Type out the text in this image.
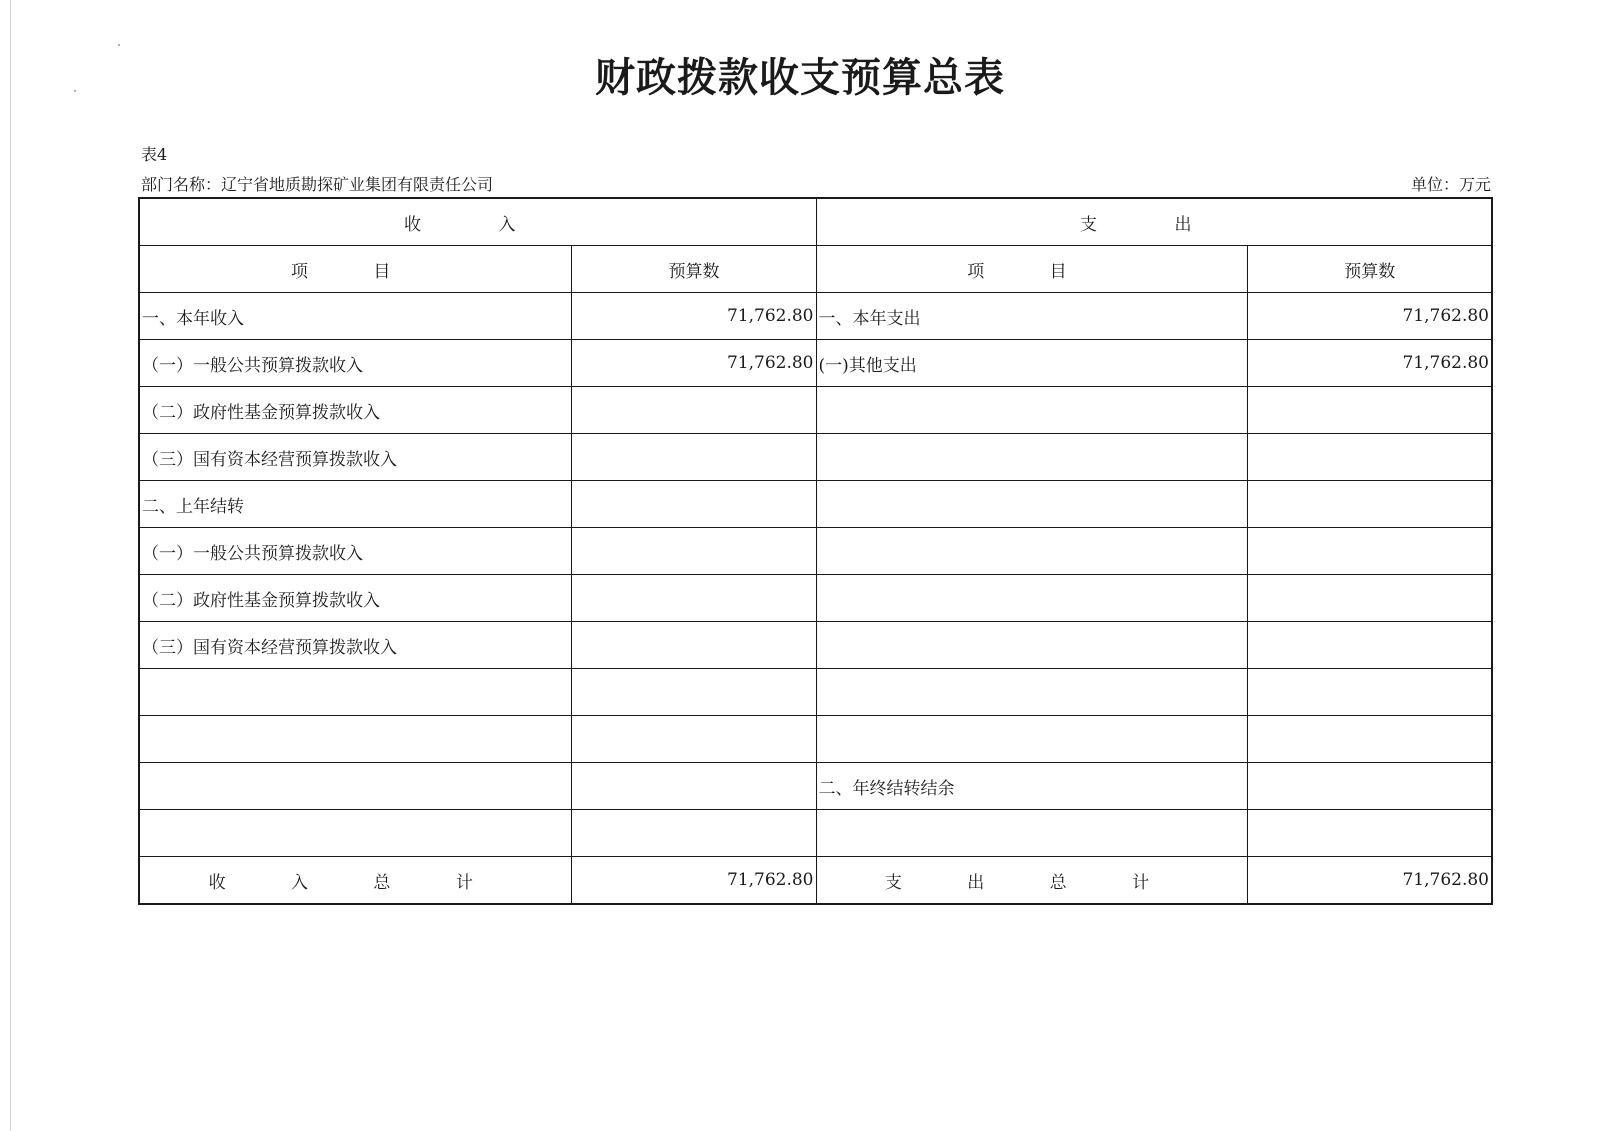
财政拨款收支预算总表
表4
部门名称：辽宁省地质勘探矿业集团有限责任公司	单位：万元
收 入		支 出	
项 目	预算数	项 目	预算数
一、本年收入	71,762.80	一、本年支出	71,762.80
（一）一般公共预算拨款收入	71,762.80	(一)其他支出	71,762.80
（二）政府性基金预算拨款收入			
（三）国有资本经营预算拨款收入			
二、上年结转			
（一）一般公共预算拨款收入			
（二）政府性基金预算拨款收入			
（三）国有资本经营预算拨款收入			

		二、年终结转结余	

收 入 总 计	71,762.80	支 出 总 计	71,762.80
